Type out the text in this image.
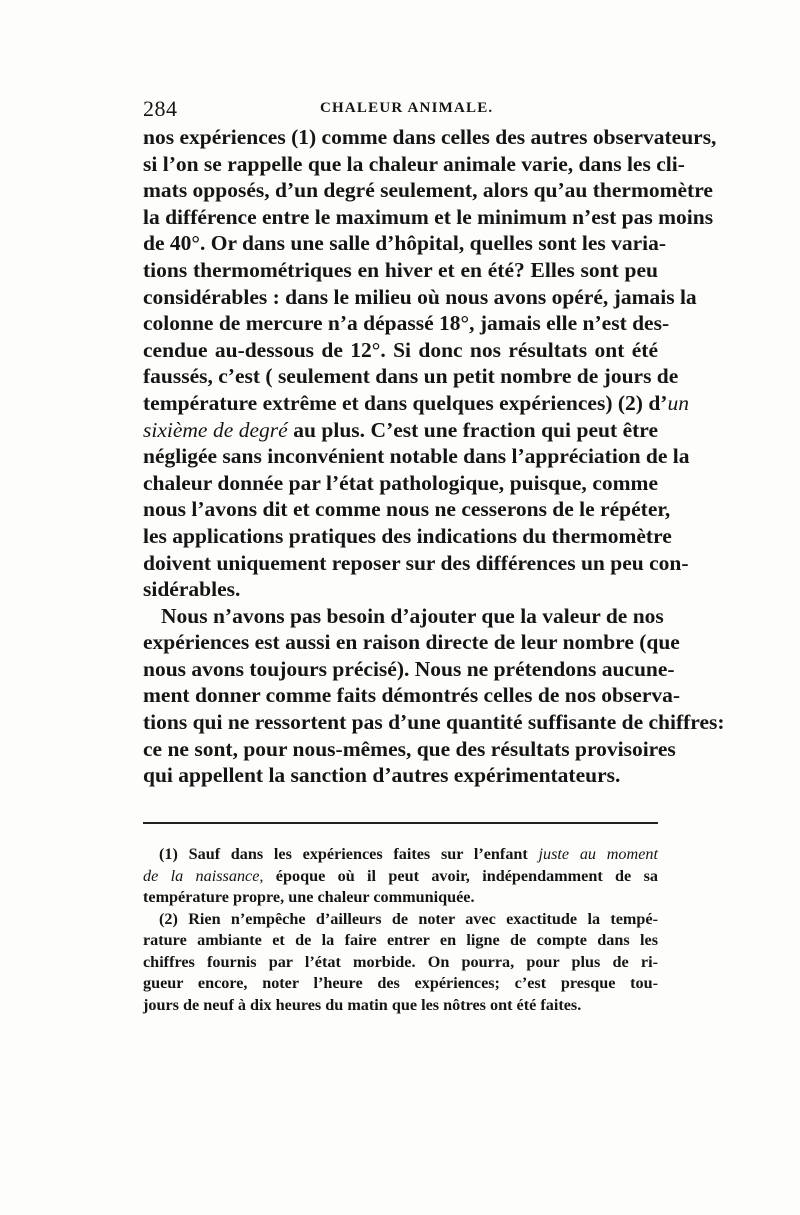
284	CHALEUR ANIMALE.
nos expériences (1) comme dans celles des autres observateurs,
si l’on se rappelle que la chaleur animale varie, dans les cli-
mats opposés, d’un degré seulement, alors qu’au thermomètre
la différence entre le maximum et le minimum n’est pas moins
de 40°. Or dans une salle d’hôpital, quelles sont les varia-
tions thermométriques en hiver et en été? Elles sont peu
considérables : dans le milieu où nous avons opéré, jamais la
colonne de mercure n’a dépassé 18°, jamais elle n’est des-
cendue au-dessous de 12°. Si donc nos résultats ont été
faussés, c’est ( seulement dans un petit nombre de jours de
température extrême et dans quelques expériences) (2) d’un
sixième de degré au plus. C’est une fraction qui peut être
négligée sans inconvénient notable dans l’appréciation de la
chaleur donnée par l’état pathologique, puisque, comme
nous l’avons dit et comme nous ne cesserons de le répéter,
les applications pratiques des indications du thermomètre
doivent uniquement reposer sur des différences un peu con-
sidérables.
Nous n’avons pas besoin d’ajouter que la valeur de nos
expériences est aussi en raison directe de leur nombre (que
nous avons toujours précisé). Nous ne prétendons aucune-
ment donner comme faits démontrés celles de nos observa-
tions qui ne ressortent pas d’une quantité suffisante de chiffres:
ce ne sont, pour nous-mêmes, que des résultats provisoires
qui appellent la sanction d’autres expérimentateurs.
(1) Sauf dans les expériences faites sur l’enfant juste au moment
de la naissance, époque où il peut avoir, indépendamment de sa
température propre, une chaleur communiquée.
(2) Rien n’empêche d’ailleurs de noter avec exactitude la tempé-
rature ambiante et de la faire entrer en ligne de compte dans les
chiffres fournis par l’état morbide. On pourra, pour plus de ri-
gueur encore, noter l’heure des expériences; c’est presque tou-
jours de neuf à dix heures du matin que les nôtres ont été faites.
